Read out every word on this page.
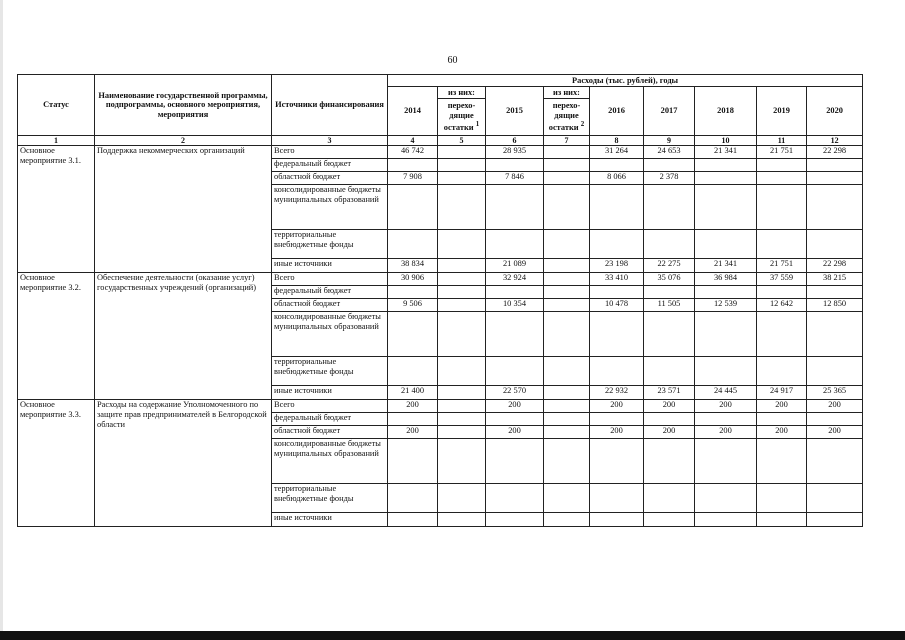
60
Статус	Наименование государственной программы, подпрограммы, основного мероприятия, мероприятия	Источники финансирования	Расходы (тыс. рублей), годы								
			2014	из них:	2015	из них:	2016	2017	2018	2019	2020
				перехо-дящие остатки $^1$		перехо-дящие остатки $^2$
1	2	3	4	5	6	7	8	9	10	11	12
Основное мероприятие 3.1.	Поддержка некоммерческих организаций	Всего	46 742		28 935		31 264	24 653	21 341	21 751	22 298
		федеральный бюджет									
		областной бюджет	7 908		7 846		8 066	2 378			
		консолидированные бюджеты муниципальных образований									
		территориальные внебюджетные фонды									
		иные источники	38 834		21 089		23 198	22 275	21 341	21 751	22 298
Основное мероприятие 3.2.	Обеспечение деятельности (оказание услуг) государственных учреждений (организаций)	Всего	30 906		32 924		33 410	35 076	36 984	37 559	38 215
		федеральный бюджет									
		областной бюджет	9 506		10 354		10 478	11 505	12 539	12 642	12 850
		консолидированные бюджеты муниципальных образований									
		территориальные внебюджетные фонды									
		иные источники	21 400		22 570		22 932	23 571	24 445	24 917	25 365
Основное мероприятие 3.3.	Расходы на содержание Уполномоченного по защите прав предпринимателей в Белгородской области	Всего	200		200		200	200	200	200	200
		федеральный бюджет									
		областной бюджет	200		200		200	200	200	200	200
		консолидированные бюджеты муниципальных образований									
		территориальные внебюджетные фонды									
		иные источники									
